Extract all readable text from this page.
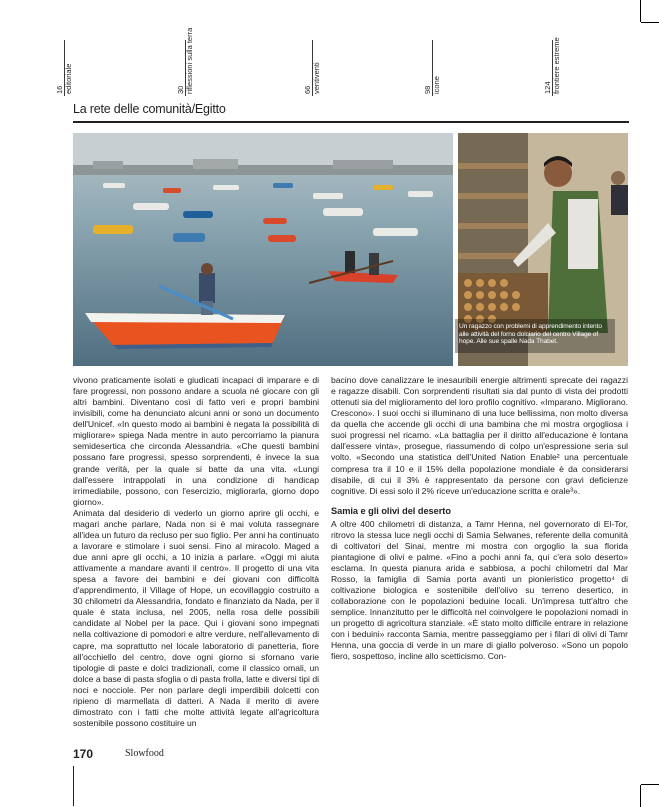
16 editoriale	30 riflessioni sulla terra	66 ventiventi	98 icone	124 frontiere estreme
La rete delle comunità/Egitto
Un ragazzo con problemi di apprendimento intento alle attività del forno dolciario del centro Village of hope. Alle sue spalle Nada Thabet.

vivono praticamente isolati e giudicati incapaci di imparare e di fare progressi, non possono andare a scuola né giocare con gli altri bambini. Diventano così di fatto veri e propri bambini invisibili, come ha denunciato alcuni anni or sono un documento dell'Unicef. «In questo modo ai bambini è negata la possibilità di migliorare» spiega Nada mentre in auto percorriamo la pianura semidesertica che circonda Alessandria. «Che questi bambini possano fare progressi, spesso sorprendenti, è invece la sua grande verità, per la quale si batte da una vita. «Lungi dall'essere intrappolati in una condizione di handicap irrimediabile, possono, con l'esercizio, migliorarla, giorno dopo giorno».

Animata dal desiderio di vederlo un giorno aprire gli occhi, e magari anche parlare, Nada non si è mai voluta rassegnare all'idea un futuro da recluso per suo figlio. Per anni ha continuato a lavorare e stimolare i suoi sensi. Fino al miracolo. Maged a due anni apre gli occhi, a 10 inizia a parlare. «Oggi mi aiuta attivamente a mandare avanti il centro». Il progetto di una vita spesa a favore dei bambini e dei giovani con difficoltà d'apprendimento, il Village of Hope, un ecovillaggio costruito a 30 chilometri da Alessandria, fondato e finanziato da Nada, per il quale è stata inclusa, nel 2005, nella rosa delle possibili candidate al Nobel per la pace. Qui i giovani sono impegnati nella coltivazione di pomodori e altre verdure, nell'allevamento di capre, ma soprattutto nel locale laboratorio di panetteria, fiore all'occhiello del centro, dove ogni giorno si sfornano varie tipologie di paste e dolci tradizionali, come il classico omali, un dolce a base di pasta sfoglia o di pasta frolla, latte e diversi tipi di noci e nocciole. Per non parlare degli imperdibili dolcetti con ripieno di marmellata di datteri. A Nada il merito di avere dimostrato con i fatti che molte attività legate all'agricoltura sostenibile possono costituire un

bacino dove canalizzare le inesauribili energie altrimenti sprecate dei ragazzi e ragazze disabili. Con sorprendenti risultati sia dal punto di vista dei prodotti ottenuti sia del miglioramento del loro profilo cognitivo. «Imparano. Migliorano. Crescono». I suoi occhi si illuminano di una luce bellissima, non molto diversa da quella che accende gli occhi di una bambina che mi mostra orgogliosa i suoi progressi nel ricamo. «La battaglia per il diritto all'educazione è lontana dall'essere vinta», prosegue, riassumendo di colpo un'espressione seria sul volto. «Secondo una statistica dell'United Nation Enable² una percentuale compresa tra il 10 e il 15% della popolazione mondiale è da considerarsi disabile, di cui il 3% è rappresentato da persone con gravi deficienze cognitive. Di essi solo il 2% riceve un'educazione scritta e orale³».

Samia e gli olivi del deserto

A oltre 400 chilometri di distanza, a Tamr Henna, nel governorato di El-Tor, ritrovo la stessa luce negli occhi di Samia Selwanes, referente della comunità di coltivatori del Sinai, mentre mi mostra con orgoglio la sua florida piantagione di olivi e palme. «Fino a pochi anni fa, qui c'era solo deserto» esclama. In questa pianura arida e sabbiosa, a pochi chilometri dal Mar Rosso, la famiglia di Samia porta avanti un pionieristico progetto⁴ di coltivazione biologica e sostenibile dell'olivo su terreno desertico, in collaborazione con le popolazioni beduine locali. Un'impresa tutt'altro che semplice. Innanzitutto per le difficoltà nel coinvolgere le popolazioni nomadi in un progetto di agricoltura stanziale. «È stato molto difficile entrare in relazione con i beduini» racconta Samia, mentre passeggiamo per i filari di olivi di Tamr Henna, una goccia di verde in un mare di giallo polveroso. «Sono un popolo fiero, sospettoso, incline allo scetticismo. Con-

170	Slowfood
